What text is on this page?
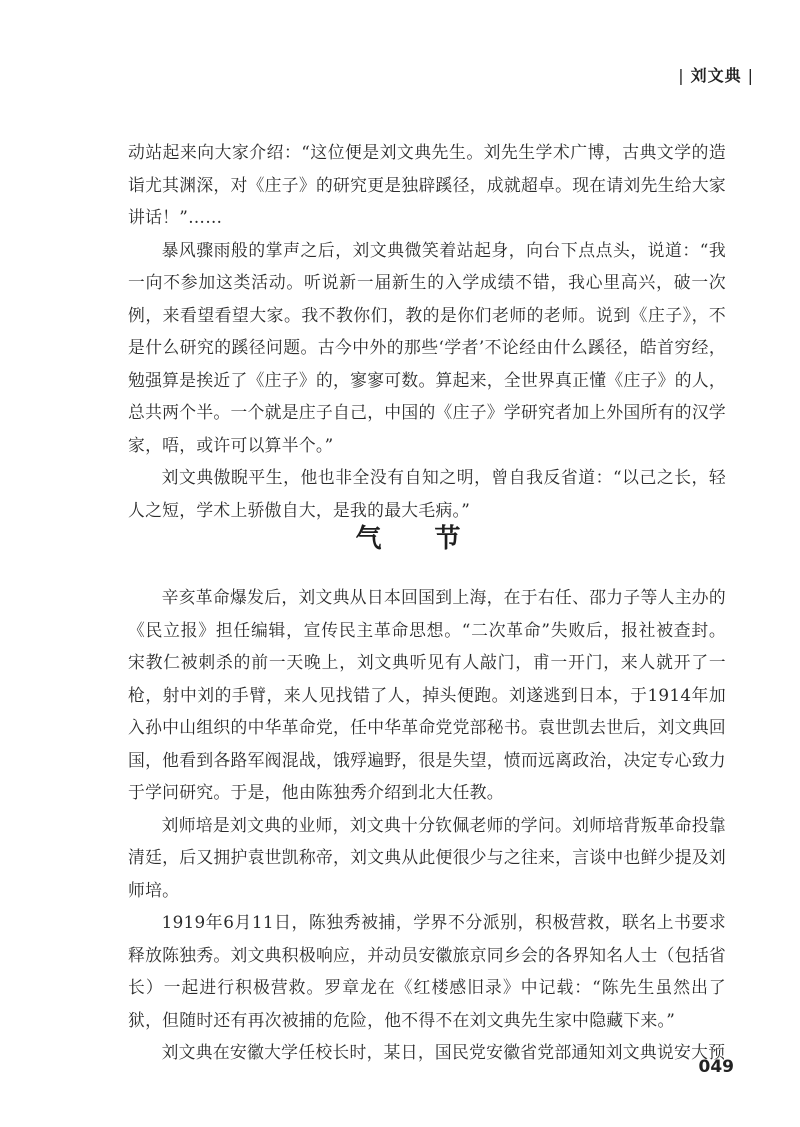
| 刘文典 |

动站起来向大家介绍：“这位便是刘文典先生。刘先生学术广博，古典文学的造诣尤其渊深，对《庄子》的研究更是独辟蹊径，成就超卓。现在请刘先生给大家讲话！”……

暴风骤雨般的掌声之后，刘文典微笑着站起身，向台下点点头，说道：“我一向不参加这类活动。听说新一届新生的入学成绩不错，我心里高兴，破一次例，来看望看望大家。我不教你们，教的是你们老师的老师。说到《庄子》，不是什么研究的蹊径问题。古今中外的那些‘学者’不论经由什么蹊径，皓首穷经，勉强算是挨近了《庄子》的，寥寥可数。算起来，全世界真正懂《庄子》的人，总共两个半。一个就是庄子自己，中国的《庄子》学研究者加上外国所有的汉学家，唔，或许可以算半个。”

刘文典傲睨平生，他也非全没有自知之明，曾自我反省道：“以己之长，轻人之短，学术上骄傲自大，是我的最大毛病。”

气 节

辛亥革命爆发后，刘文典从日本回国到上海，在于右任、邵力子等人主办的《民立报》担任编辑，宣传民主革命思想。“二次革命”失败后，报社被查封。宋教仁被刺杀的前一天晚上，刘文典听见有人敲门，甫一开门，来人就开了一枪，射中刘的手臂，来人见找错了人，掉头便跑。刘遂逃到日本，于1914年加入孙中山组织的中华革命党，任中华革命党党部秘书。袁世凯去世后，刘文典回国，他看到各路军阀混战，饿殍遍野，很是失望，愤而远离政治，决定专心致力于学问研究。于是，他由陈独秀介绍到北大任教。

刘师培是刘文典的业师，刘文典十分钦佩老师的学问。刘师培背叛革命投靠清廷，后又拥护袁世凯称帝，刘文典从此便很少与之往来，言谈中也鲜少提及刘师培。

1919年6月11日，陈独秀被捕，学界不分派别，积极营救，联名上书要求释放陈独秀。刘文典积极响应，并动员安徽旅京同乡会的各界知名人士（包括省长）一起进行积极营救。罗章龙在《红楼感旧录》中记载：“陈先生虽然出了狱，但随时还有再次被捕的危险，他不得不在刘文典先生家中隐藏下来。”

刘文典在安徽大学任校长时，某日，国民党安徽省党部通知刘文典说安大预

049
